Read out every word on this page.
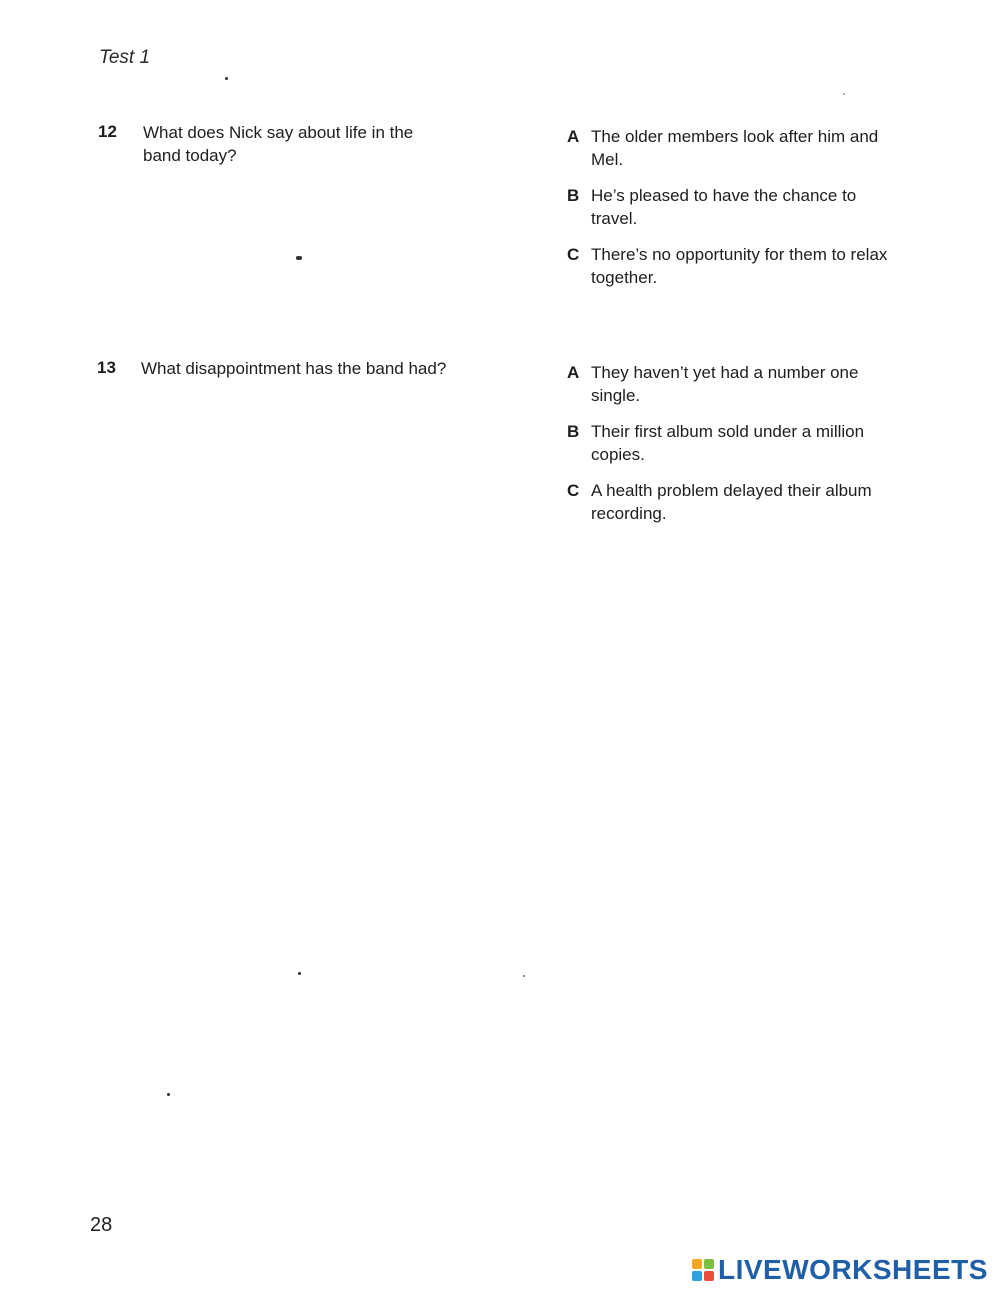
Test 1
12 What does Nick say about life in the band today?
A The older members look after him and Mel.
B He’s pleased to have the chance to travel.
C There’s no opportunity for them to relax together.
13 What disappointment has the band had?	A They haven’t yet had a number one single.
B Their first album sold under a million copies.
C A health problem delayed their album recording.
28
LIVEWORKSHEETS
